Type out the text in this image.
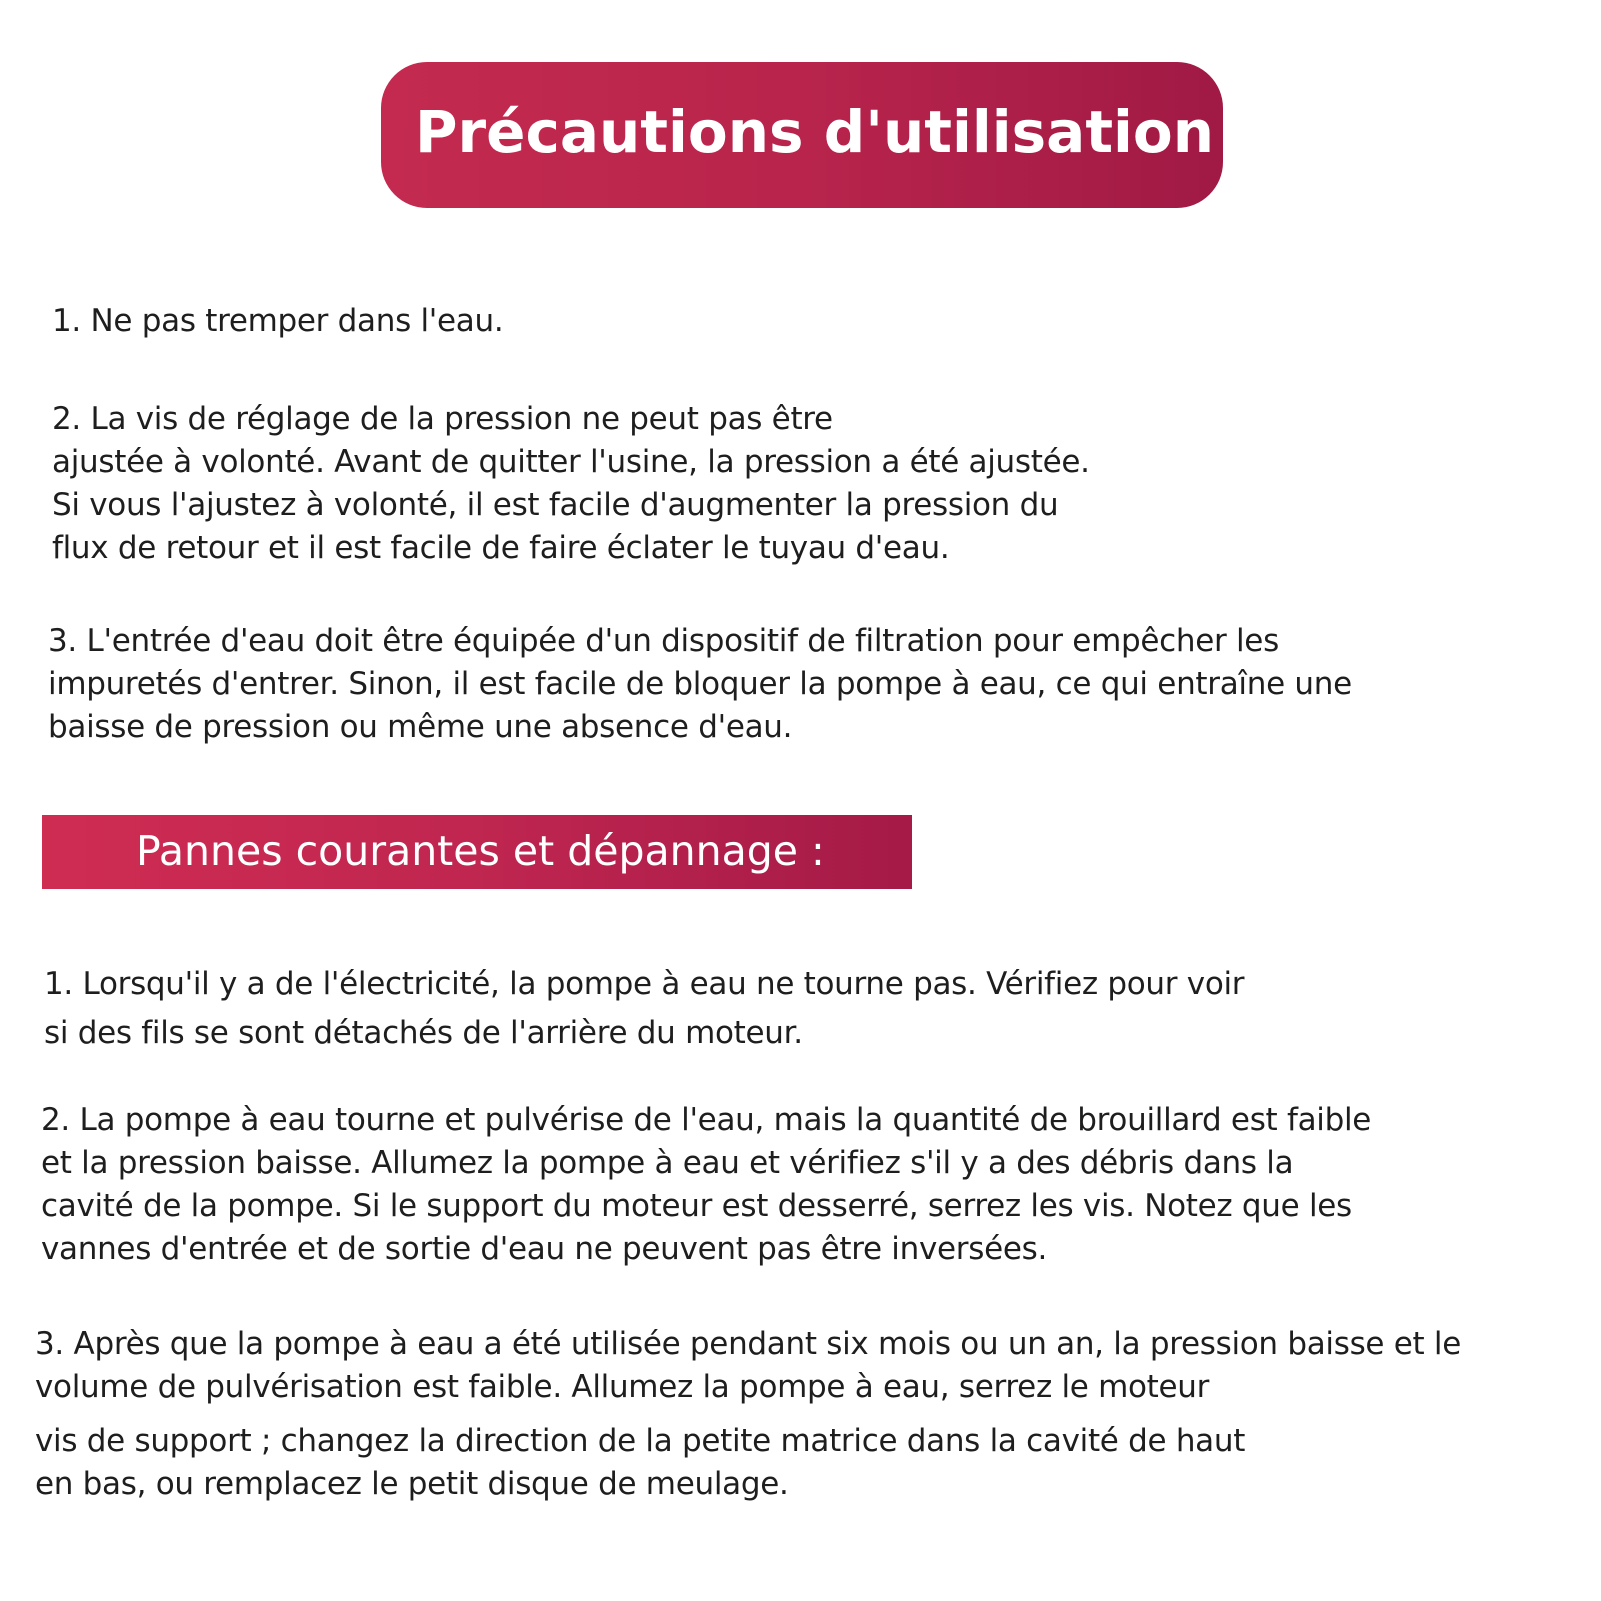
Précautions d'utilisation
1. Ne pas tremper dans l'eau.
2. La vis de réglage de la pression ne peut pas être
ajustée à volonté. Avant de quitter l'usine, la pression a été ajustée.
Si vous l'ajustez à volonté, il est facile d'augmenter la pression du
flux de retour et il est facile de faire éclater le tuyau d'eau.
3. L'entrée d'eau doit être équipée d'un dispositif de filtration pour empêcher les
impuretés d'entrer. Sinon, il est facile de bloquer la pompe à eau, ce qui entraîne une
baisse de pression ou même une absence d'eau.
Pannes courantes et dépannage :
1. Lorsqu'il y a de l'électricité, la pompe à eau ne tourne pas. Vérifiez pour voir
si des fils se sont détachés de l'arrière du moteur.
2. La pompe à eau tourne et pulvérise de l'eau, mais la quantité de brouillard est faible
et la pression baisse. Allumez la pompe à eau et vérifiez s'il y a des débris dans la
cavité de la pompe. Si le support du moteur est desserré, serrez les vis. Notez que les
vannes d'entrée et de sortie d'eau ne peuvent pas être inversées.
3. Après que la pompe à eau a été utilisée pendant six mois ou un an, la pression baisse et le
volume de pulvérisation est faible. Allumez la pompe à eau, serrez le moteur
vis de support ; changez la direction de la petite matrice dans la cavité de haut
en bas, ou remplacez le petit disque de meulage.
